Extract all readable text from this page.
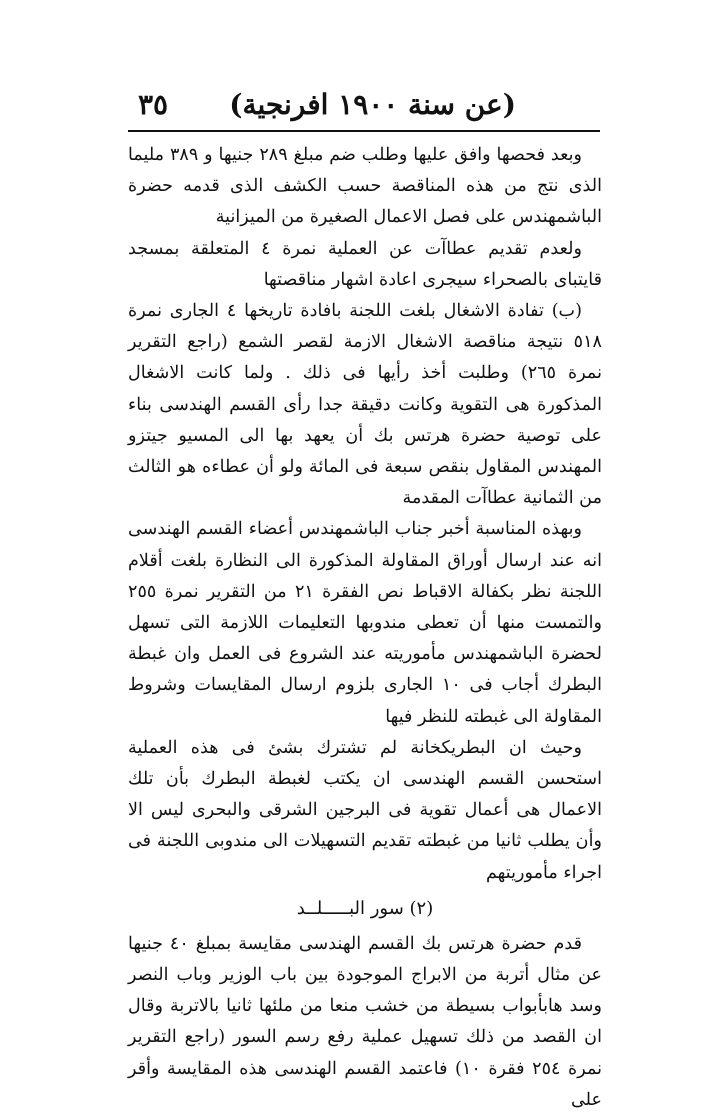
(عن سنة ١٩٠٠ افرنجية)
٣٥

وبعد فحصها وافق عليها وطلب ضم مبلغ ٢٨٩ جنيها و ٣٨٩ مليما الذى نتج من هذه المناقصة حسب الكشف الذى قدمه حضرة الباشمهندس على فصل الاعمال الصغيرة من الميزانية

ولعدم تقديم عطاآت عن العملية نمرة ٤ المتعلقة بمسجد قايتباى بالصحراء سيجرى اعادة اشهار مناقصتها

(ب) تفادة الاشغال بلغت اللجنة بافادة تاريخها ٤ الجارى نمرة ٥١٨ نتيجة مناقصة الاشغال الازمة لقصر الشمع (راجع التقرير نمرة ٢٦٥) وطلبت أخذ رأيها فى ذلك . ولما كانت الاشغال المذكورة هى التقوية وكانت دقيقة جدا رأى القسم الهندسى بناء على توصية حضرة هرتس بك أن يعهد بها الى المسيو جيتزو المهندس المقاول بنقص سبعة فى المائة ولو أن عطاءه هو الثالث من الثمانية عطاآت المقدمة

وبهذه المناسبة أخبر جناب الباشمهندس أعضاء القسم الهندسى انه عند ارسال أوراق المقاولة المذكورة الى النظارة بلغت أقلام اللجنة نظر بكفالة الاقباط نص الفقرة ٢١ من التقرير نمرة ٢٥٥ والتمست منها أن تعطى مندوبها التعليمات اللازمة التى تسهل لحضرة الباشمهندس مأموريته عند الشروع فى العمل وان غبطة البطرك أجاب فى ١٠ الجارى بلزوم ارسال المقايسات وشروط المقاولة الى غبطته للنظر فيها

وحيث ان البطريكخانة لم تشترك بشئ فى هذه العملية استحسن القسم الهندسى ان يكتب لغبطة البطرك بأن تلك الاعمال هى أعمال تقوية فى البرجين الشرقى والبحرى ليس الا وأن يطلب ثانيا من غبطته تقديم التسهيلات الى مندوبى اللجنة فى اجراء مأموريتهم

(٢) سور البـــــلــد

قدم حضرة هرتس بك القسم الهندسى مقايسة بمبلغ ٤٠ جنيها عن مثال أتربة من الابراج الموجودة بين باب الوزير وباب النصر وسد هابأبواب بسيطة من خشب منعا من ملئها ثانيا بالاتربة وقال ان القصد من ذلك تسهيل عملية رفع رسم السور (راجع التقرير نمرة ٢٥٤ فقرة ١٠) فاعتمد القسم الهندسى هذه المقايسة وأقر على
